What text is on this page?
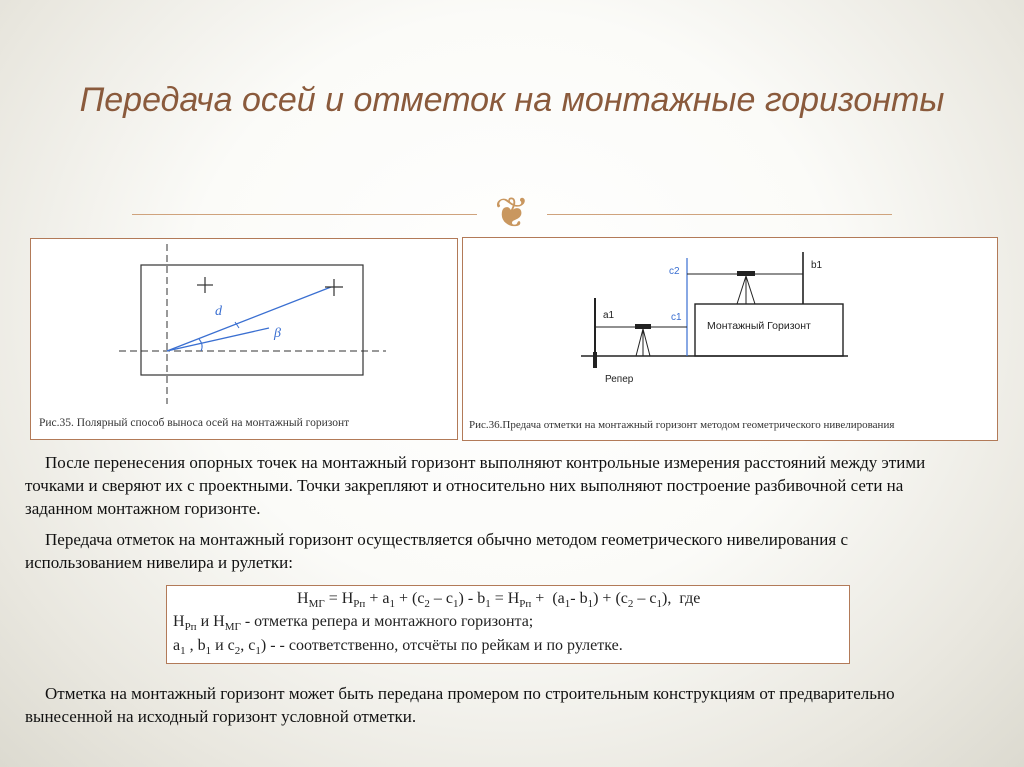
Передача осей и отметок на монтажные горизонты
❦
d
β
Рис.35. Полярный способ выноса осей на монтажный горизонт
a1	c1
c2
b1
Монтажный Горизонт
Репер
Рис.36.Предача отметки на монтажный горизонт методом геометрического нивелирования

После перенесения опорных точек на монтажный горизонт выполняют контрольные измерения расстояний между этими точками и сверяют их с проектными. Точки закрепляют и относительно них выполняют построение разбивочной сети на заданном монтажном горизонте.

Передача отметок на монтажный горизонт осуществляется обычно методом геометрического нивелирования с использованием нивелира и рулетки:

$Н_{МГ} = Н_{Рп} + a_1 + (c_2 - c_1) - b_1 = Н_{Рп} + (a_1-$ $b_1) + (c_2 - c_1)$,  где
$Н_{Рп}$ и $Н_{МГ}$ - отметка репера и монтажного горизонта;
$a_1$ , $b_1$ и $c_2$, $c_1$) - - соответственно, отсчёты по рейкам и по рулетке.

Отметка на монтажный горизонт может быть передана промером по строительным конструкциям от предварительно вынесенной на исходный горизонт условной отметки.
